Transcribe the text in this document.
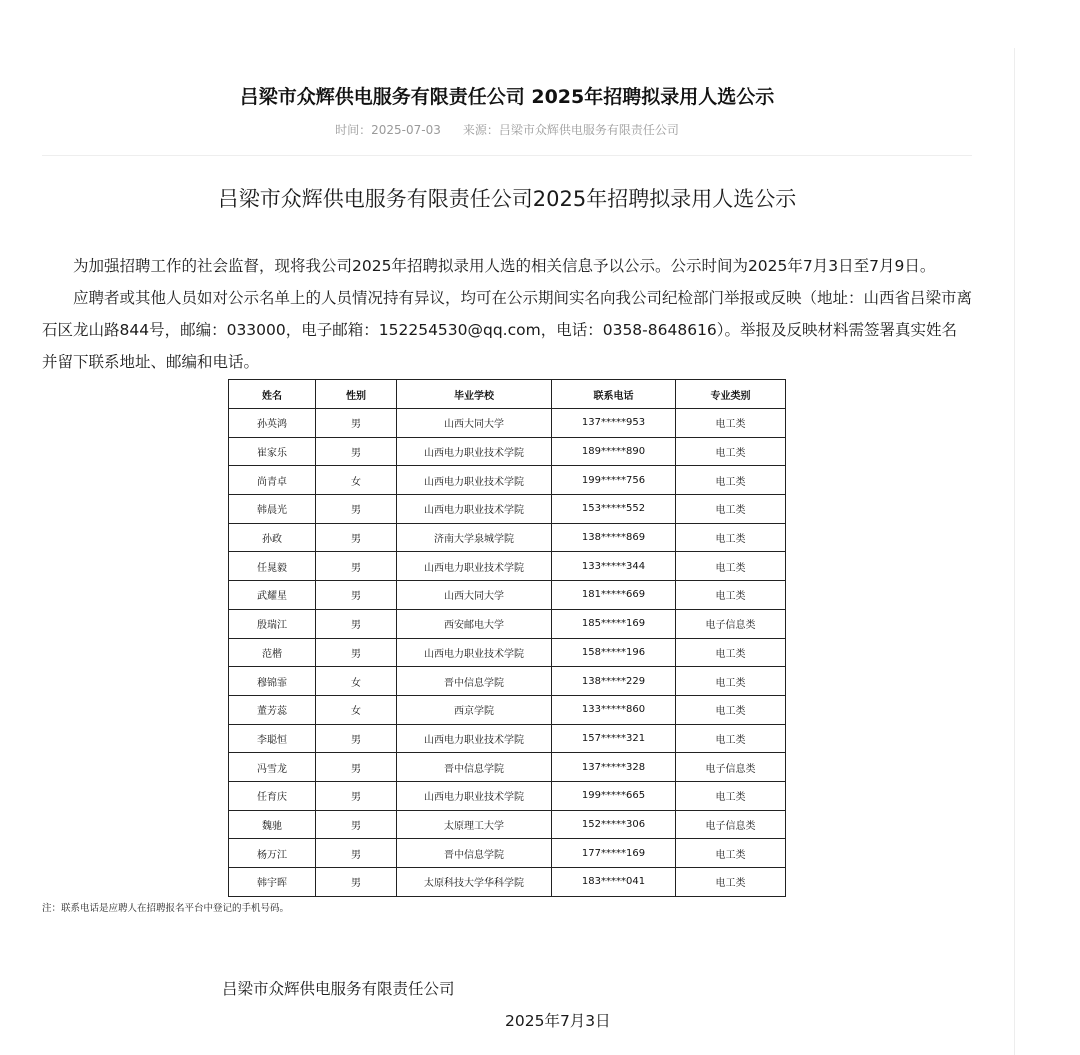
吕梁市众辉供电服务有限责任公司 2025年招聘拟录用人选公示
时间：2025-07-03 来源：吕梁市众辉供电服务有限责任公司
吕梁市众辉供电服务有限责任公司2025年招聘拟录用人选公示

为加强招聘工作的社会监督，现将我公司2025年招聘拟录用人选的相关信息予以公示。公示时间为2025年7月3日至7月9日。

应聘者或其他人员如对公示名单上的人员情况持有异议，均可在公示期间实名向我公司纪检部门举报或反映（地址：山西省吕梁市离石区龙山路844号，邮编：033000，电子邮箱：152254530@qq.com，电话：0358-8648616）。举报及反映材料需签署真实姓名并留下联系地址、邮编和电话。

姓名	性别	毕业学校	联系电话	专业类别
孙英鸿	男	山西大同大学	137*****953	电工类
崔家乐	男	山西电力职业技术学院	189*****890	电工类
尚青卓	女	山西电力职业技术学院	199*****756	电工类
韩晨光	男	山西电力职业技术学院	153*****552	电工类
孙政	男	济南大学泉城学院	138*****869	电工类
任晁毅	男	山西电力职业技术学院	133*****344	电工类
武耀星	男	山西大同大学	181*****669	电工类
殷瑞江	男	西安邮电大学	185*****169	电子信息类
范楷	男	山西电力职业技术学院	158*****196	电工类
穆锦霏	女	晋中信息学院	138*****229	电工类
董芳蕊	女	西京学院	133*****860	电工类
李聪恒	男	山西电力职业技术学院	157*****321	电工类
冯雪龙	男	晋中信息学院	137*****328	电子信息类
任育庆	男	山西电力职业技术学院	199*****665	电工类
魏驰	男	太原理工大学	152*****306	电子信息类
杨万江	男	晋中信息学院	177*****169	电工类
韩宇晖	男	太原科技大学华科学院	183*****041	电工类
注：联系电话是应聘人在招聘报名平台中登记的手机号码。
吕梁市众辉供电服务有限责任公司
2025年7月3日
